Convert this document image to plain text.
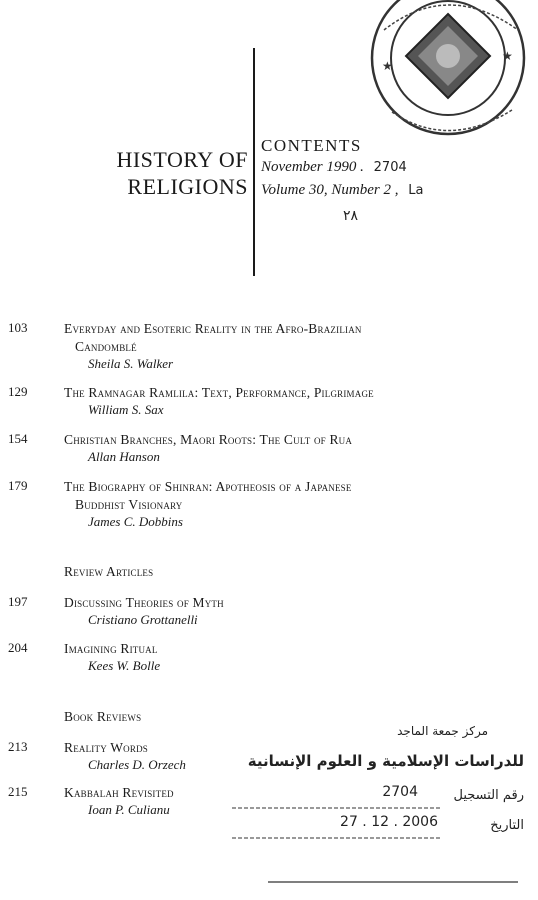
★
★
HISTORY OF
RELIGIONS
CONTENTS
November 1990 . 2704
Volume 30, Number 2 , La
٢٨
103	Everyday and Esoteric Reality in the Afro-Brazilian
Candomblé
Sheila S. Walker
129	The Ramnagar Ramlila: Text, Performance, Pilgrimage
William S. Sax
154	Christian Branches, Maori Roots: The Cult of Rua
Allan Hanson
179	The Biography of Shinran: Apotheosis of a Japanese
Buddhist Visionary
James C. Dobbins
Review Articles
197	Discussing Theories of Myth
Cristiano Grottanelli
204	Imagining Ritual
Kees W. Bolle
Book Reviews
213	Reality Words
Charles D. Orzech
215	Kabbalah Revisited
Ioan P. Culianu
مركز جمعة الماجد
للدراسات الإسلامية و العلوم الإنسانية
رقم التسجيل
2704
التاريخ
27 . 12 . 2006
